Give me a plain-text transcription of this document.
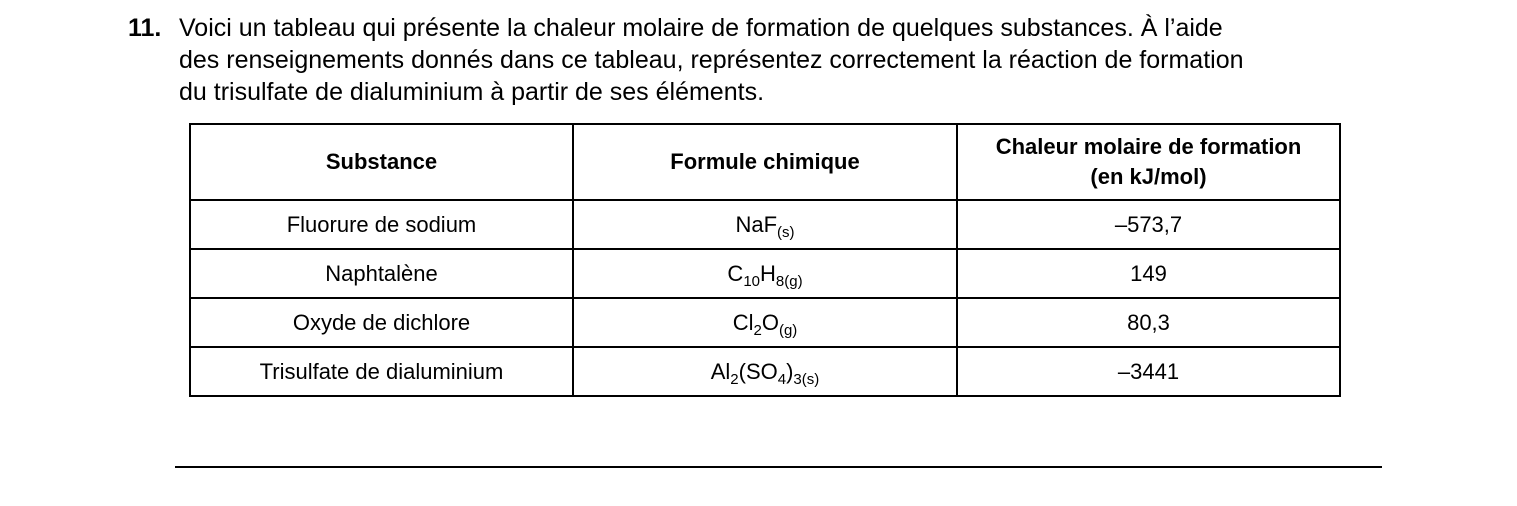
11. Voici un tableau qui présente la chaleur molaire de formation de quelques substances. À l’aide
des renseignements donnés dans ce tableau, représentez correctement la réaction de formation
du trisulfate de dialuminium à partir de ses éléments.
Substance	Formule chimique	Chaleur molaire de formation
(en kJ/mol)
Fluorure de sodium	NaF$_{(s)}$	–573,7
Naphtalène	$C_{10}H_{8(g)}$	149
Oxyde de dichlore	$Cl_2O_{(g)}$	80,3
Trisulfate de dialuminium	$Al_2(SO_4)_{3(s)}$	–3441
